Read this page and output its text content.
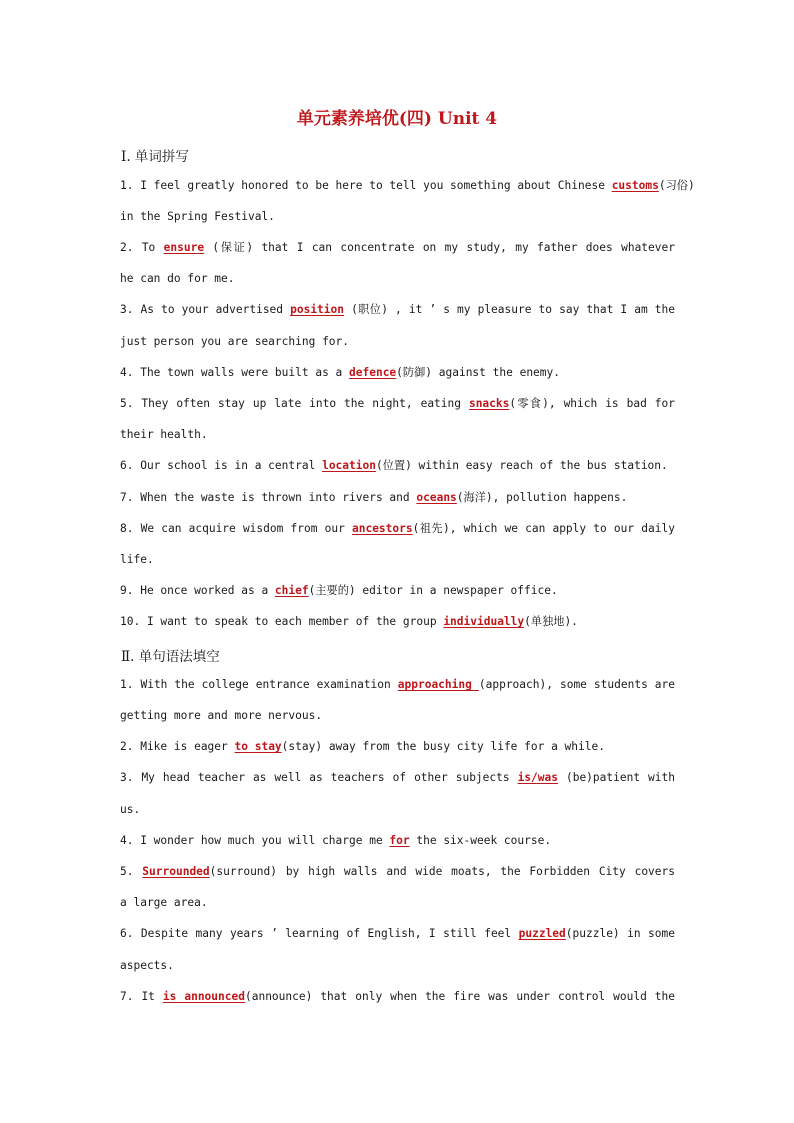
单元素养培优(四) Unit 4
Ⅰ. 单词拼写
1. I feel greatly honored to be here to tell you something about Chinese customs(习俗)
in the Spring Festival.
2. To ensure (保证) that I can concentrate on my study, my father does whatever
he can do for me.
3. As to your advertised position (职位) , it ’ s my pleasure to say that I am the
just person you are searching for.
4. The town walls were built as a defence(防御) against the enemy.
5. They often stay up late into the night, eating snacks(零食), which is bad for
their health.
6. Our school is in a central location(位置) within easy reach of the bus station.
7. When the waste is thrown into rivers and oceans(海洋), pollution happens.
8. We can acquire wisdom from our ancestors(祖先), which we can apply to our daily
life.
9. He once worked as a chief(主要的) editor in a newspaper office.
10. I want to speak to each member of the group individually(单独地).
Ⅱ. 单句语法填空
1. With the college entrance examination approaching (approach), some students are
getting more and more nervous.
2. Mike is eager to stay(stay) away from the busy city life for a while.
3. My head teacher as well as teachers of other subjects is/was (be)patient with
us.
4. I wonder how much you will charge me for the six-week course.
5. Surrounded(surround) by high walls and wide moats, the Forbidden City covers
a large area.
6. Despite many years ’ learning of English, I still feel puzzled(puzzle) in some
aspects.
7. It is announced(announce) that only when the fire was under control would the
